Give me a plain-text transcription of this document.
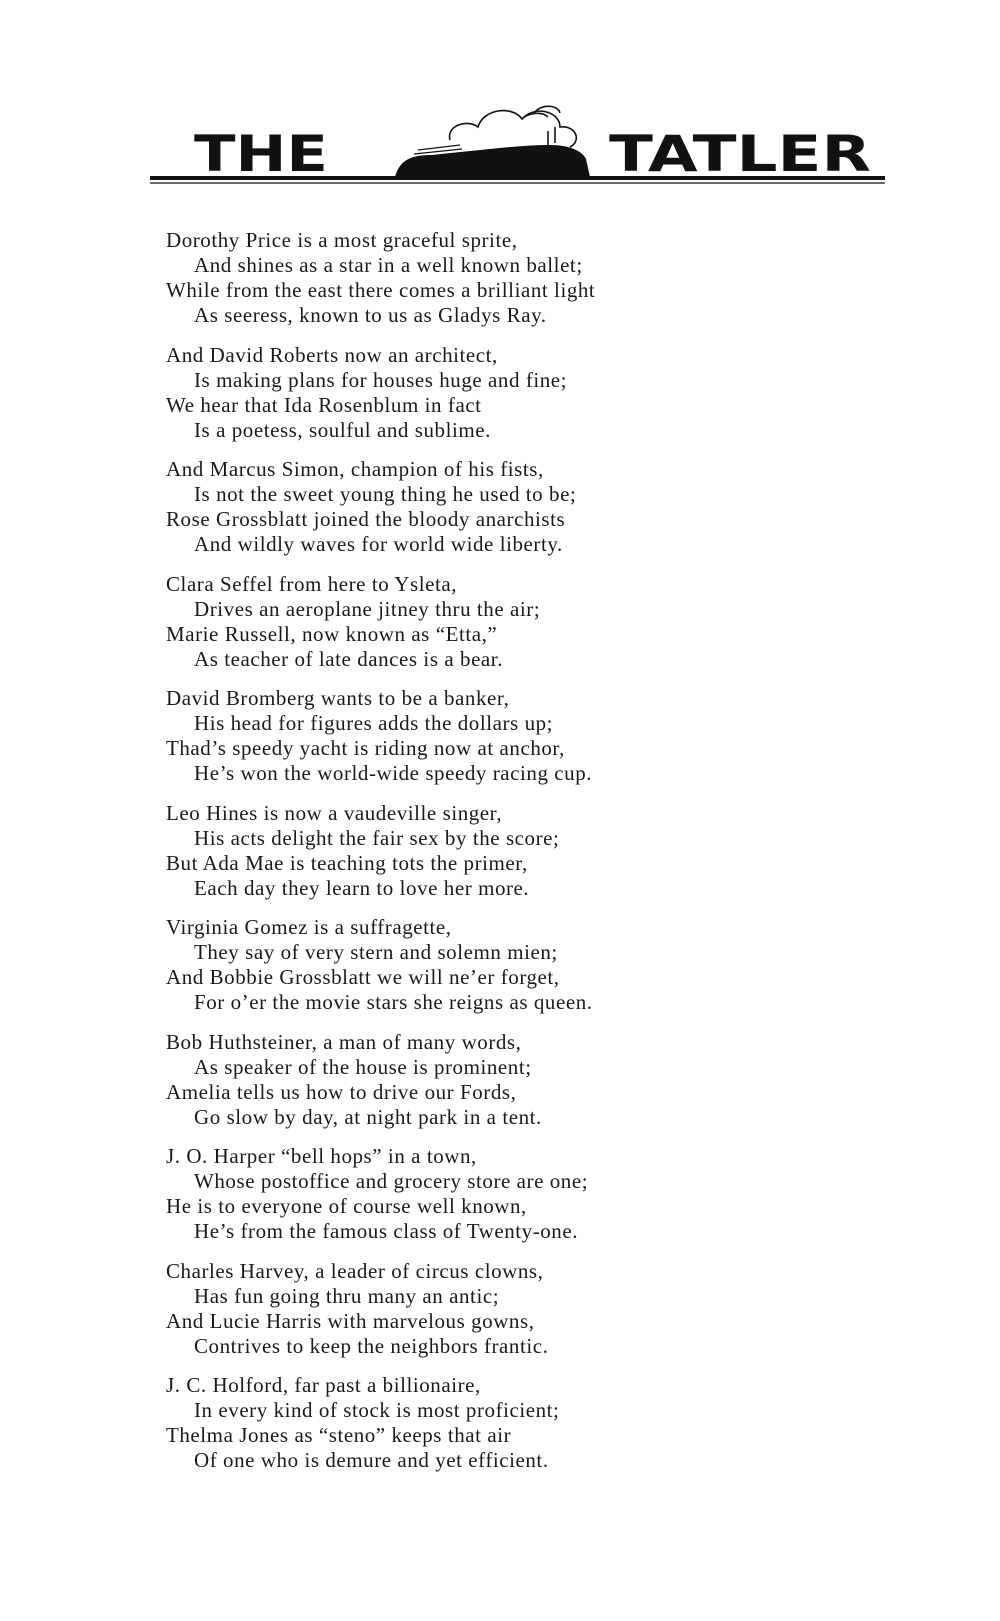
THE	TATLER
Dorothy Price is a most graceful sprite,
And shines as a star in a well known ballet;
While from the east there comes a brilliant light
As seeress, known to us as Gladys Ray.
And David Roberts now an architect,
Is making plans for houses huge and fine;
We hear that Ida Rosenblum in fact
Is a poetess, soulful and sublime.
And Marcus Simon, champion of his fists,
Is not the sweet young thing he used to be;
Rose Grossblatt joined the bloody anarchists
And wildly waves for world wide liberty.
Clara Seffel from here to Ysleta,
Drives an aeroplane jitney thru the air;
Marie Russell, now known as “Etta,”
As teacher of late dances is a bear.
David Bromberg wants to be a banker,
His head for figures adds the dollars up;
Thad’s speedy yacht is riding now at anchor,
He’s won the world-wide speedy racing cup.
Leo Hines is now a vaudeville singer,
His acts delight the fair sex by the score;
But Ada Mae is teaching tots the primer,
Each day they learn to love her more.
Virginia Gomez is a suffragette,
They say of very stern and solemn mien;
And Bobbie Grossblatt we will ne’er forget,
For o’er the movie stars she reigns as queen.
Bob Huthsteiner, a man of many words,
As speaker of the house is prominent;
Amelia tells us how to drive our Fords,
Go slow by day, at night park in a tent.
J. O. Harper “bell hops” in a town,
Whose postoffice and grocery store are one;
He is to everyone of course well known,
He’s from the famous class of Twenty-one.
Charles Harvey, a leader of circus clowns,
Has fun going thru many an antic;
And Lucie Harris with marvelous gowns,
Contrives to keep the neighbors frantic.
J. C. Holford, far past a billionaire,
In every kind of stock is most proficient;
Thelma Jones as “steno” keeps that air
Of one who is demure and yet efficient.
